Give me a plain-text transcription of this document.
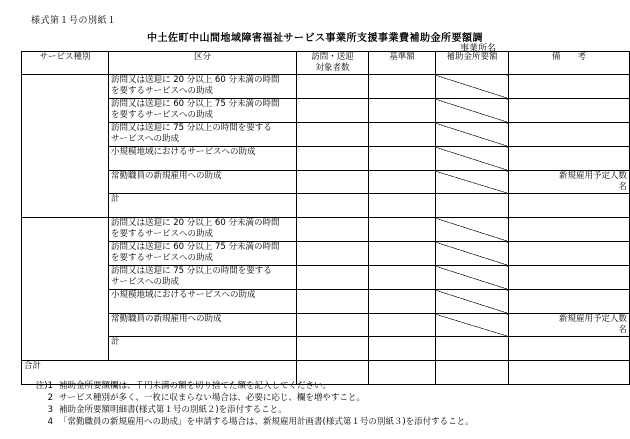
様式第１号の別紙１
中土佐町中山間地域障害福祉サービス事業所支援事業費補助金所要額調
事業所名
サービス種別	区分	訪問・送迎
対象者数	基準額	補助金所要額	備　　考
	訪問又は送迎に 20 分以上 60 分未満の時間
を要するサービスへの助成				
	訪問又は送迎に 60 分以上 75 分未満の時間
を要するサービスへの助成				
	訪問又は送迎に 75 分以上の時間を要する
サービスへの助成				
	小規模地域におけるサービスへの助成				
	常勤職員の新規雇用への助成				新規雇用予定人数
名

	計				
	訪問又は送迎に 20 分以上 60 分未満の時間
を要するサービスへの助成				
	訪問又は送迎に 60 分以上 75 分未満の時間
を要するサービスへの助成				
	訪問又は送迎に 75 分以上の時間を要する
サービスへの助成				
	小規模地域におけるサービスへの助成				
	常勤職員の新規雇用への助成				新規雇用予定人数
名

	計				
合計					
注)1 補助金所要額欄は、千円未満の額を切り捨てた額を記入してください。
2 サービス種別が多く、一枚に収まらない場合は、必要に応じ、欄を増やすこと。
3 補助金所要額明細書(様式第１号の別紙２)を添付すること。
4 「常勤職員の新規雇用への助成」を申請する場合は、新規雇用計画書(様式第１号の別紙３)を添付すること。
